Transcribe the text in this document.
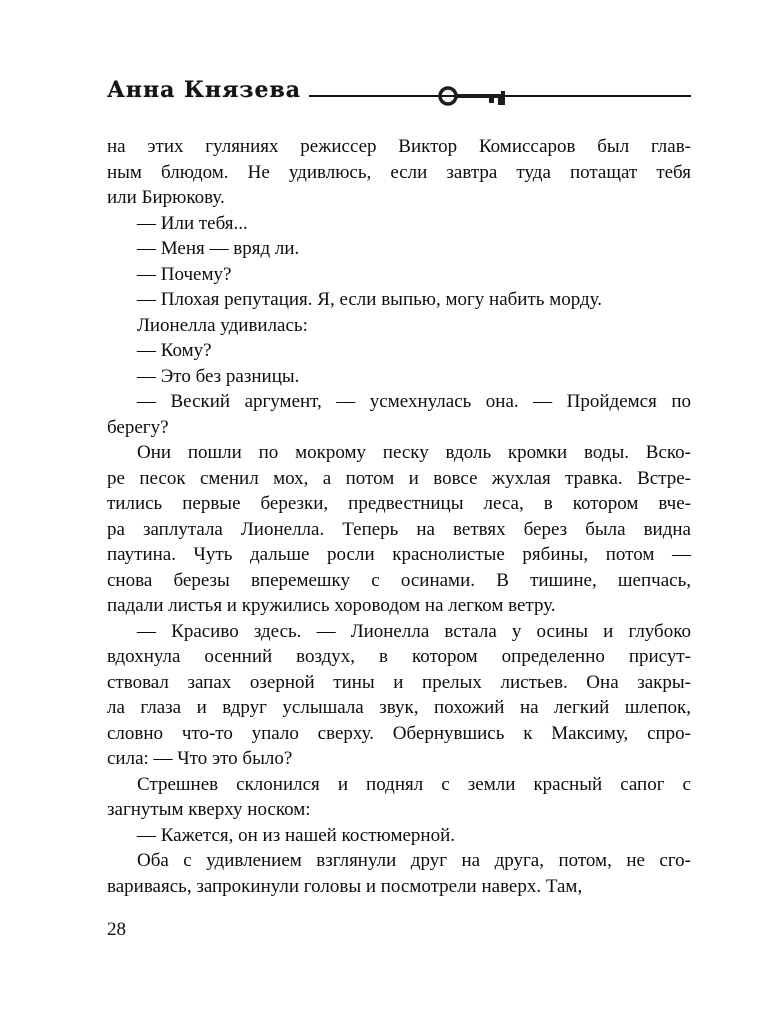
Анна Князева
на этих гуляниях режиссер Виктор Комиссаров был глав-
ным блюдом. Не удивлюсь, если завтра туда потащат тебя
или Бирюкову.
— Или тебя...
— Меня — вряд ли.
— Почему?
— Плохая репутация. Я, если выпью, могу набить морду.
Лионелла удивилась:
— Кому?
— Это без разницы.
— Веский аргумент, — усмехнулась она. — Пройдемся по
берегу?
Они пошли по мокрому песку вдоль кромки воды. Вско-
ре песок сменил мох, а потом и вовсе жухлая травка. Встре-
тились первые березки, предвестницы леса, в котором вче-
ра заплутала Лионелла. Теперь на ветвях берез была видна
паутина. Чуть дальше росли краснолистые рябины, потом —
снова березы вперемешку с осинами. В тишине, шепчась,
падали листья и кружились хороводом на легком ветру.
— Красиво здесь. — Лионелла встала у осины и глубоко
вдохнула осенний воздух, в котором определенно присут-
ствовал запах озерной тины и прелых листьев. Она закры-
ла глаза и вдруг услышала звук, похожий на легкий шлепок,
словно что-то упало сверху. Обернувшись к Максиму, спро-
сила: — Что это было?
Стрешнев склонился и поднял с земли красный сапог с
загнутым кверху носком:
— Кажется, он из нашей костюмерной.
Оба с удивлением взглянули друг на друга, потом, не сго-
вариваясь, запрокинули головы и посмотрели наверх. Там,
28
